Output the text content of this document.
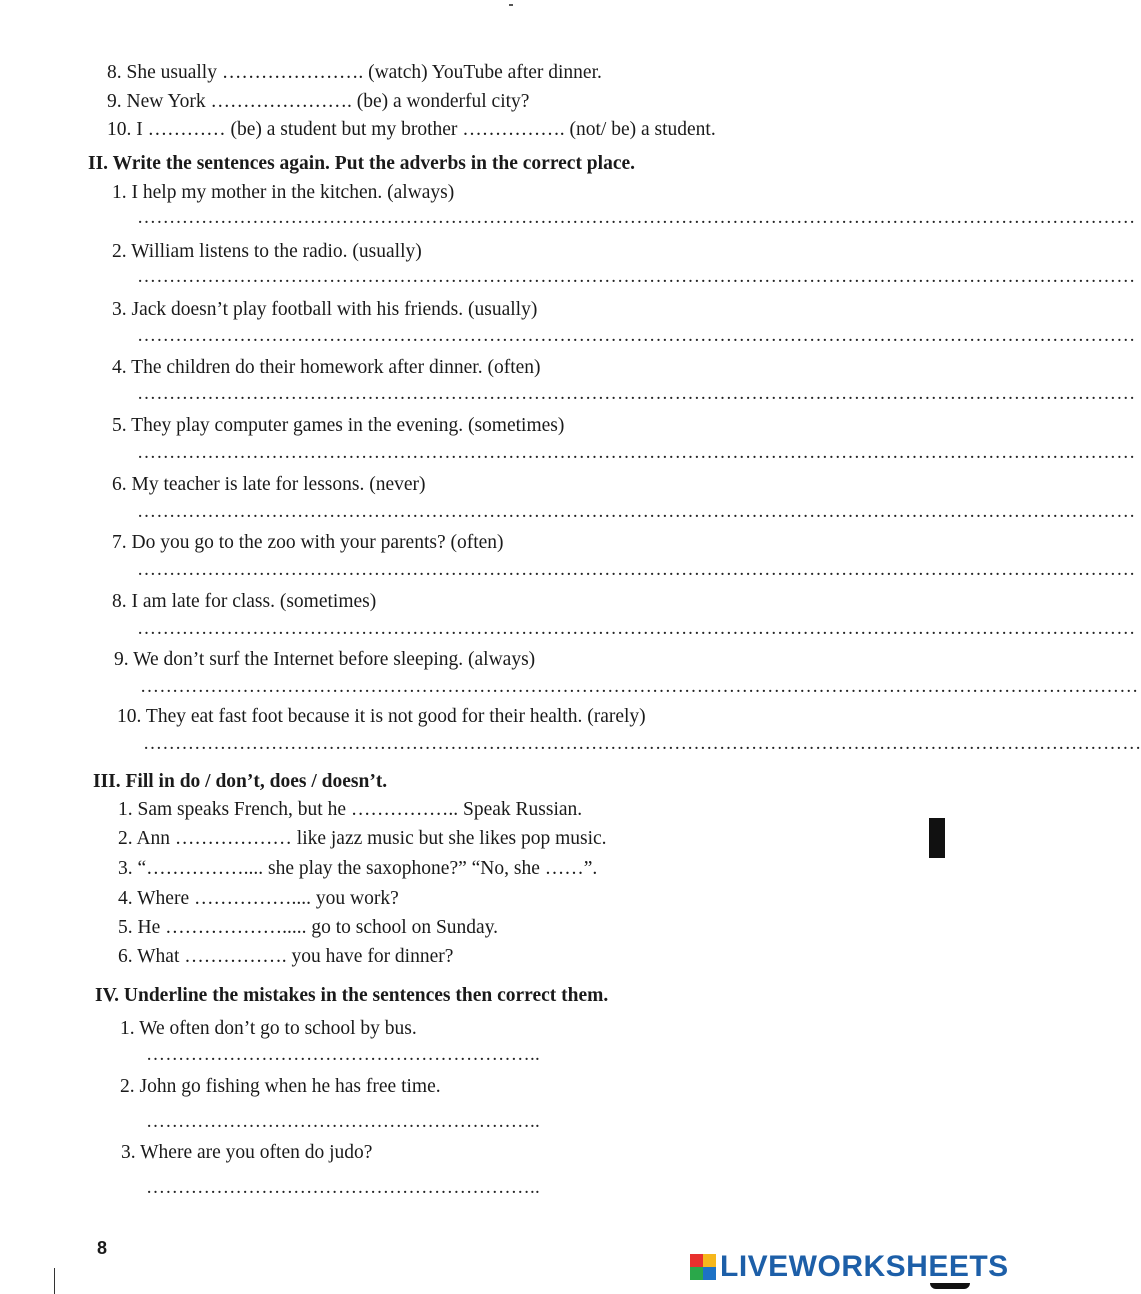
8. She usually …………………. (watch) YouTube after dinner.
9. New York …………………. (be) a wonderful city?
10. I ………… (be) a student but my brother ……………. (not/ be) a student.
II. Write the sentences again. Put the adverbs in the correct place.
1. I help my mother in the kitchen. (always)
…………………………………………………………………………………………………………………………………………
2. William listens to the radio. (usually)
…………………………………………………………………………………………………………………………………………
3. Jack doesn’t play football with his friends. (usually)
…………………………………………………………………………………………………………………………………………
4. The children do their homework after dinner. (often)
…………………………………………………………………………………………………………………………………………
5. They play computer games in the evening. (sometimes)
…………………………………………………………………………………………………………………………………………
6. My teacher is late for lessons. (never)
…………………………………………………………………………………………………………………………………………
7. Do you go to the zoo with your parents? (often)
…………………………………………………………………………………………………………………………………………
8. I am late for class. (sometimes)
…………………………………………………………………………………………………………………………………………
9. We don’t surf the Internet before sleeping. (always)
…………………………………………………………………………………………………………………………………………
10. They eat fast foot because it is not good for their health. (rarely)
…………………………………………………………………………………………………………………………………………
III. Fill in do / don’t, does / doesn’t.
1. Sam speaks French, but he …………….. Speak Russian.
2. Ann ……………… like jazz music but she likes pop music.
3. “…………….... she play the saxophone?” “No, she ……”.
4. Where …………….... you work?
5. He ………………..... go to school on Sunday.
6. What ……………. you have for dinner?
IV. Underline the mistakes in the sentences then correct them.
1. We often don’t go to school by bus.
……………………………………………………..
2. John go fishing when he has free time.
……………………………………………………..
3. Where are you often do judo?
……………………………………………………..
8
LIVEWORKSHEETS
